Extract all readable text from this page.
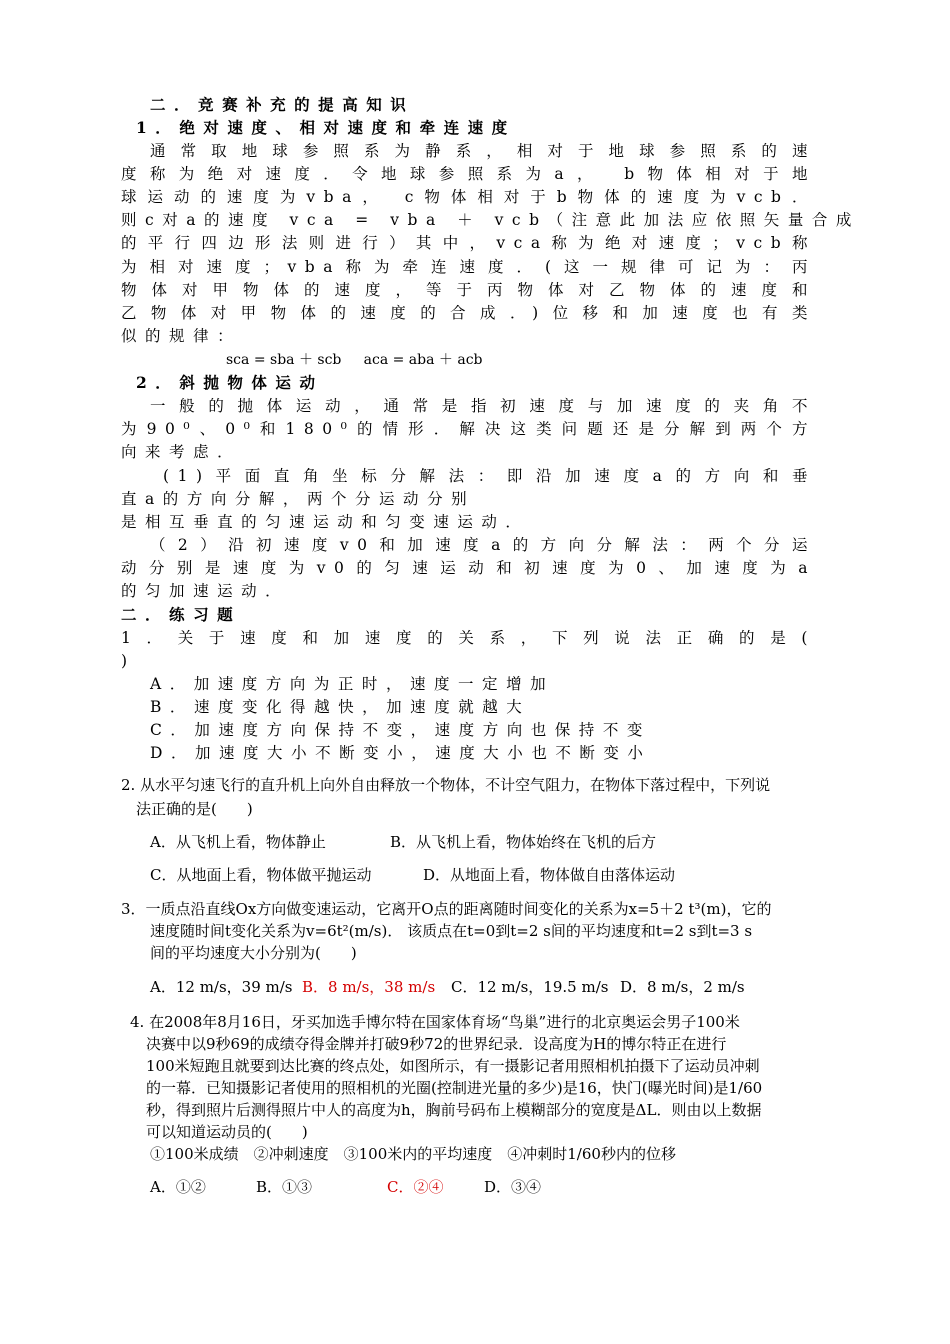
二．竞赛补充的提高知识
1．绝对速度、相对速度和牵连速度
通常取地球参照系为静系，相对于地球参照系的速
度称为绝对速度．令地球参照系为a， b物体相对于地
球运动的速度为vba， c物体相对于b物体的速度为vcb．
则c对a的速度 vca = vba ＋ vcb（注意此加法应依照矢量合成
的平行四边形法则进行）其中，vca称为绝对速度；vcb称
为相对速度；vba称为牵连速度．(这一规律可记为：丙
物体对甲物体的速度，等于丙物体对乙物体的速度和
乙物体对甲物体的速度的合成．)位移和加速度也有类
似的规律：
sca = sba ＋ scb     aca = aba ＋ acb
2．斜抛物体运动
一般的抛体运动，通常是指初速度与加速度的夹角不
为90⁰、0⁰和180⁰的情形．解决这类问题还是分解到两个方
向来考虑．
(1)平面直角坐标分解法：即沿加速度a的方向和垂
直a的方向分解，两个分运动分别
是相互垂直的匀速运动和匀变速运动．
（2）沿初速度v0和加速度a的方向分解法：两个分运
动分别是速度为v0的匀速运动和初速度为0、加速度为a
的匀加速运动．
二．练习题
1．关于速度和加速度的关系，下列说法正确的是(
)
A．加速度方向为正时，速度一定增加
B．速度变化得越快，加速度就越大
C．加速度方向保持不变，速度方向也保持不变
D．加速度大小不断变小，速度大小也不断变小
2. 从水平匀速飞行的直升机上向外自由释放一个物体，不计空气阻力，在物体下落过程中，下列说
法正确的是(　　)
A．从飞机上看，物体静止	B．从飞机上看，物体始终在飞机的后方
C．从地面上看，物体做平抛运动	D．从地面上看，物体做自由落体运动
3．一质点沿直线Ox方向做变速运动，它离开O点的距离随时间变化的关系为x=5＋2 t³(m)，它的
速度随时间t变化关系为v=6t²(m/s)． 该质点在t=0到t=2 s间的平均速度和t=2 s到t=3 s
间的平均速度大小分别为(　　)
A．12 m/s，39 m/s B．8 m/s，38 m/s C．12 m/s，19.5 m/s D．8 m/s，2 m/s
4. 在2008年8月16日，牙买加选手博尔特在国家体育场“鸟巢”进行的北京奥运会男子100米
决赛中以9秒69的成绩夺得金牌并打破9秒72的世界纪录．设高度为H的博尔特正在进行
100米短跑且就要到达比赛的终点处，如图所示，有一摄影记者用照相机拍摄下了运动员冲刺
的一幕．已知摄影记者使用的照相机的光圈(控制进光量的多少)是16，快门(曝光时间)是1/60
秒，得到照片后测得照片中人的高度为h，胸前号码布上模糊部分的宽度是ΔL．则由以上数据
可以知道运动员的(　　)
①100米成绩　②冲刺速度　③100米内的平均速度　④冲刺时1/60秒内的位移
A．①②	B．①③	C．②④	D．③④
